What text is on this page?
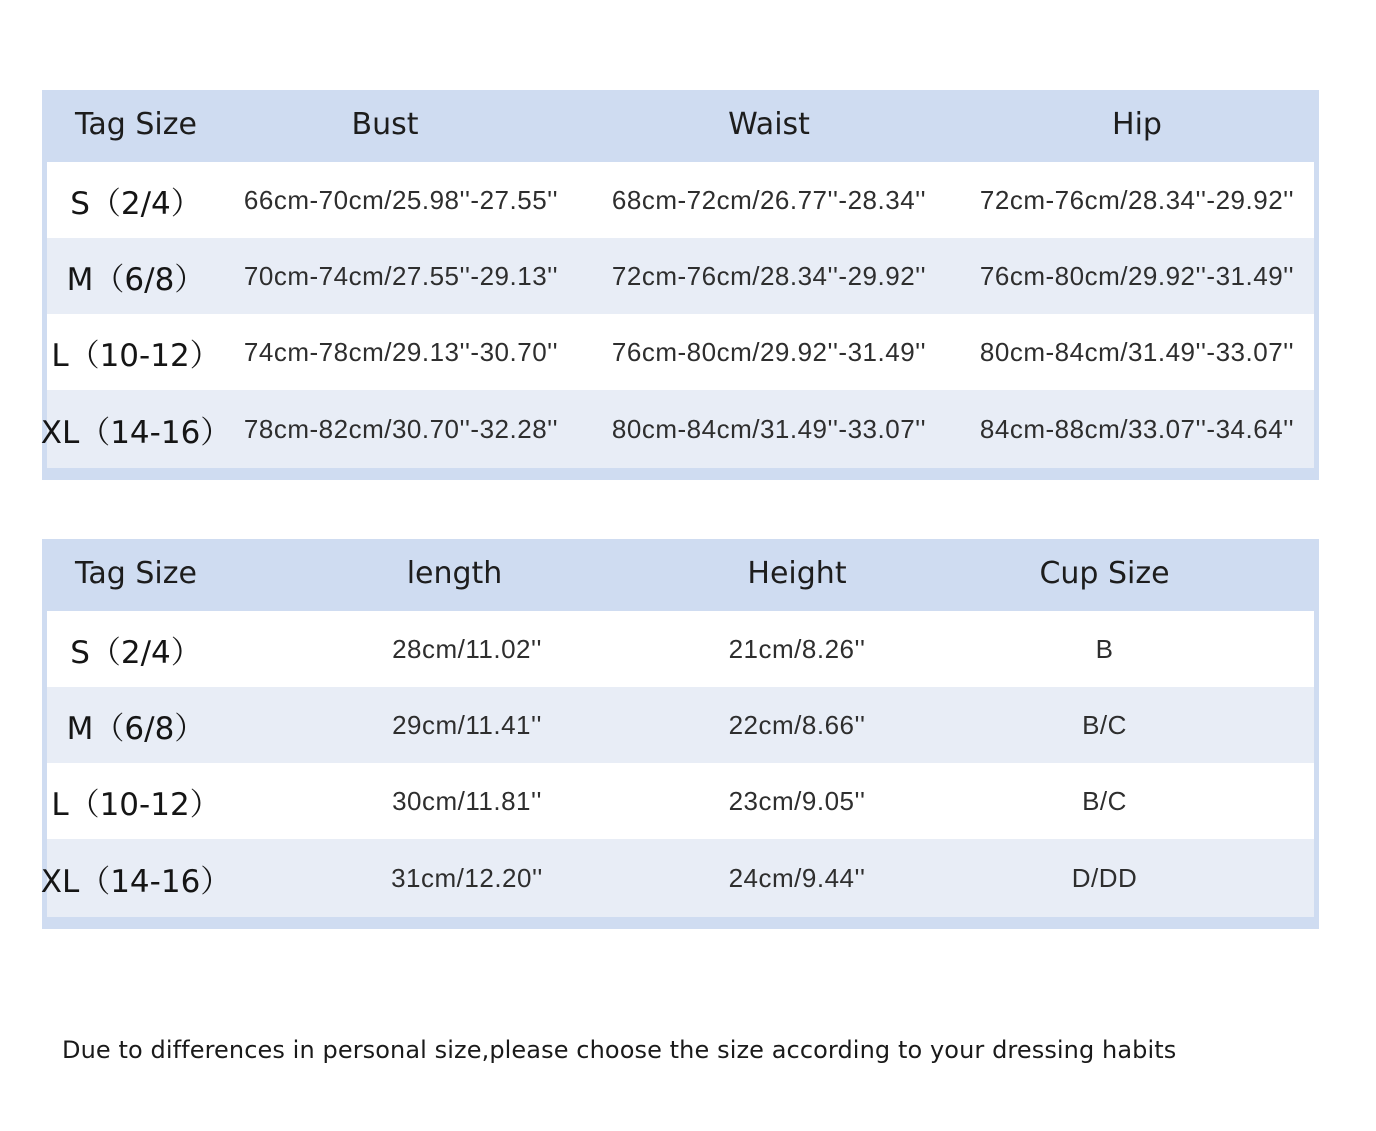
Tag Size	Bust	Waist	Hip
S（2/4）	66cm-70cm/25.98''-27.55''	68cm-72cm/26.77''-28.34''	72cm-76cm/28.34''-29.92''
M（6/8）	70cm-74cm/27.55''-29.13''	72cm-76cm/28.34''-29.92''	76cm-80cm/29.92''-31.49''
L（10-12） 74cm-78cm/29.13''-30.70''	76cm-80cm/29.92''-31.49''	80cm-84cm/31.49''-33.07''
XL（14-16） 78cm-82cm/30.70''-32.28''	80cm-84cm/31.49''-33.07''	84cm-88cm/33.07''-34.64''
Tag Size	length	Height	Cup Size
S（2/4）	28cm/11.02''	21cm/8.26''	B
M（6/8）	29cm/11.41''	22cm/8.66''	B/C
L（10-12）	30cm/11.81''	23cm/9.05''	B/C
XL（14-16）	31cm/12.20''	24cm/9.44''	D/DD
Due to differences in personal size,please choose the size according to your dressing habits
